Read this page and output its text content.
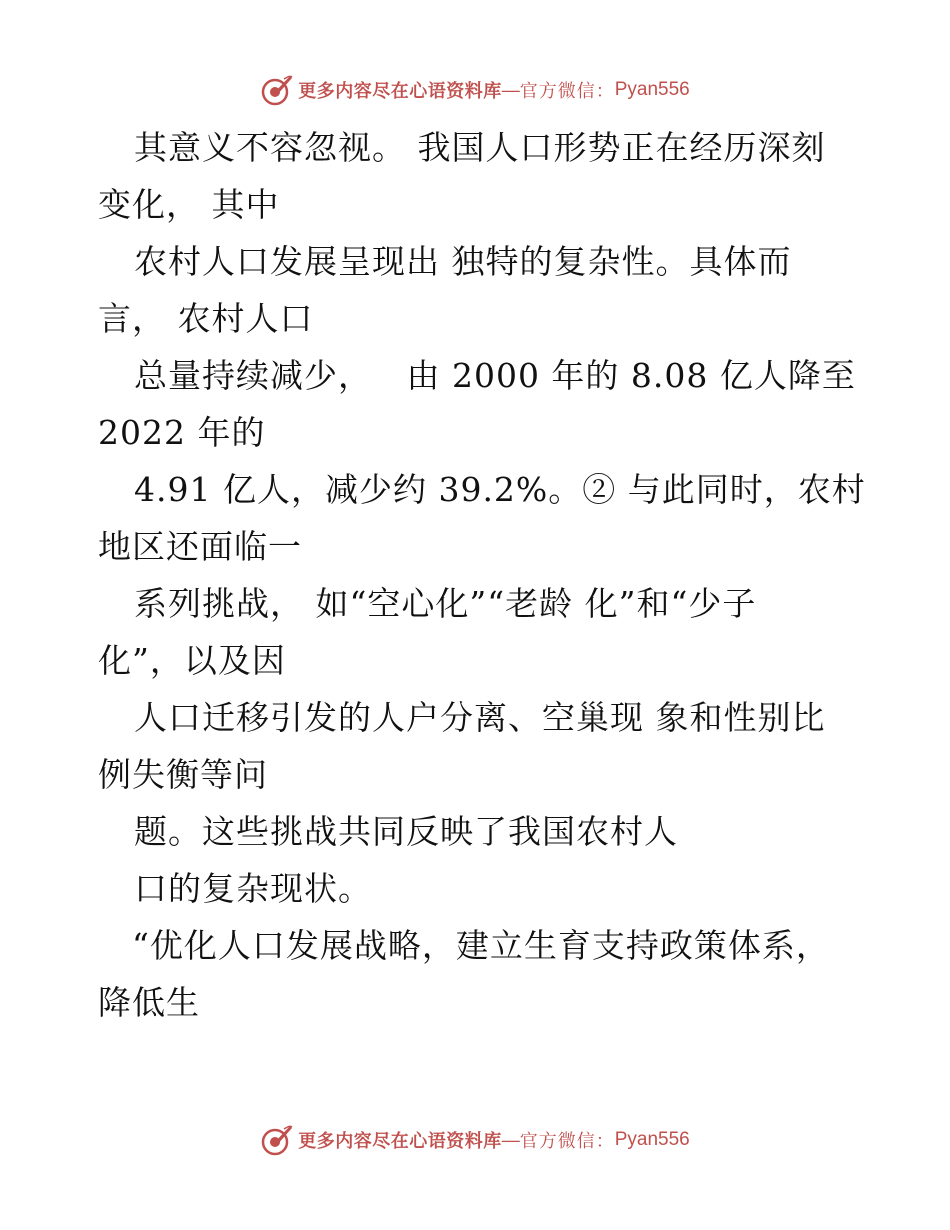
更多内容尽在心语资料库 — 官方微信： Pyan556
其意义不容忽视。 我国人口形势正在经历深刻
变化， 其中
农村人口发展呈现出 独特的复杂性。具体而
言， 农村人口
总量持续减少，   由 2000 年的 8.08 亿人降至
2022 年的
4.91 亿人，减少约 39.2%。② 与此同时，农村
地区还面临一
系列挑战， 如“空心化”“老龄 化”和“少子
化”，以及因
人口迁移引发的人户分离、空巢现 象和性别比
例失衡等问
题。这些挑战共同反映了我国农村人
口的复杂现状。
“优化人口发展战略，建立生育支持政策体系，
降低生
更多内容尽在心语资料库 — 官方微信： Pyan556
